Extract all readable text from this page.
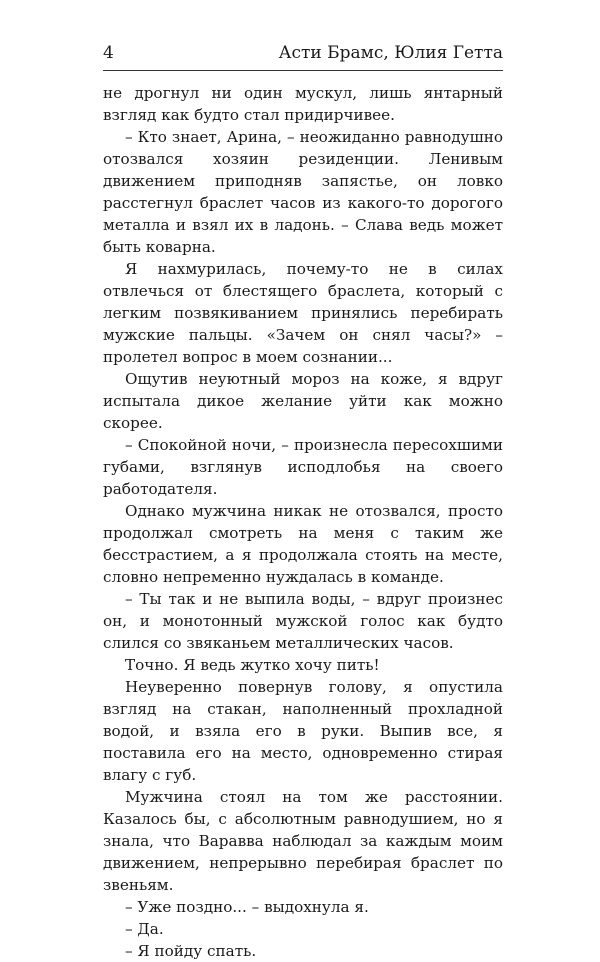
4	Асти Брамс, Юлия Гетта

не дрогнул ни один мускул, лишь янтарный взгляд как будто стал придирчивее.

– Кто знает, Арина, – неожиданно равнодушно отозвался хозяин резиденции. Ленивым движением приподняв запястье, он ловко расстегнул браслет часов из какого-то дорогого металла и взял их в ладонь. – Слава ведь может быть коварна.

Я нахмурилась, почему-то не в силах отвлечься от блестящего браслета, который с легким позвякиванием принялись перебирать мужские пальцы. «Зачем он снял часы?» – пролетел вопрос в моем сознании...

Ощутив неуютный мороз на коже, я вдруг испытала дикое желание уйти как можно скорее.

– Спокойной ночи, – произнесла пересохшими губами, взглянув исподлобья на своего работодателя.

Однако мужчина никак не отозвался, просто продолжал смотреть на меня с таким же бесстрастием, а я продолжала стоять на месте, словно непременно нуждалась в команде.

– Ты так и не выпила воды, – вдруг произнес он, и монотонный мужской голос как будто слился со звяканьем металлических часов.

Точно. Я ведь жутко хочу пить!

Неуверенно повернув голову, я опустила взгляд на стакан, наполненный прохладной водой, и взяла его в руки. Выпив все, я поставила его на место, одновременно стирая влагу с губ.

Мужчина стоял на том же расстоянии. Казалось бы, с абсолютным равнодушием, но я знала, что Варавва наблюдал за каждым моим движением, непрерывно перебирая браслет по звеньям.

– Уже поздно... – выдохнула я.

– Да.

– Я пойду спать.
